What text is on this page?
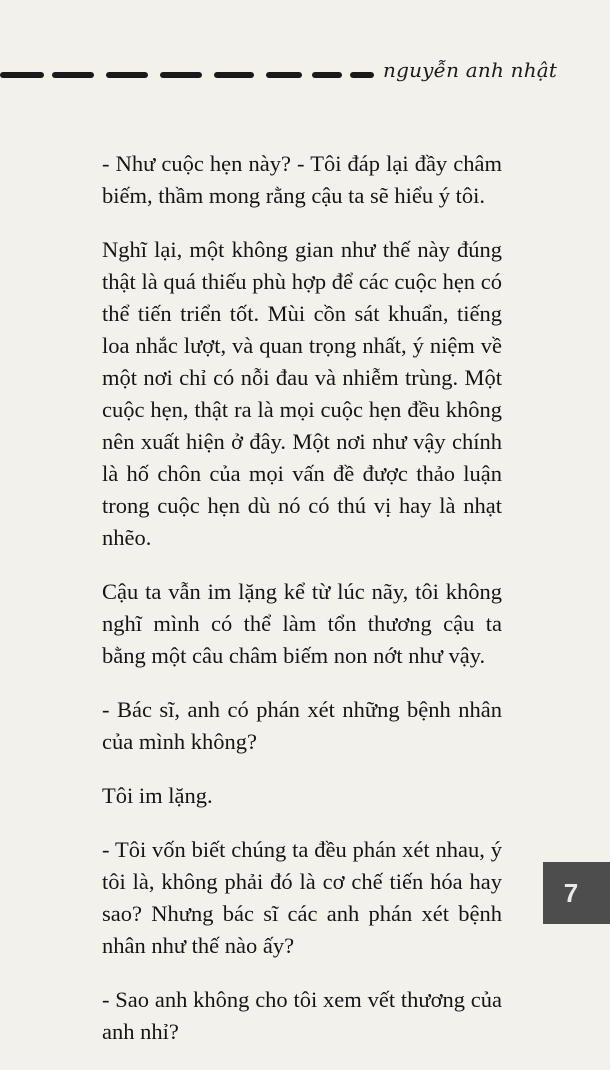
nguyễn anh nhật

- Như cuộc hẹn này? - Tôi đáp lại đầy châm biếm, thầm mong rằng cậu ta sẽ hiểu ý tôi.

Nghĩ lại, một không gian như thế này đúng thật là quá thiếu phù hợp để các cuộc hẹn có thể tiến triển tốt. Mùi cồn sát khuẩn, tiếng loa nhắc lượt, và quan trọng nhất, ý niệm về một nơi chỉ có nỗi đau và nhiễm trùng. Một cuộc hẹn, thật ra là mọi cuộc hẹn đều không nên xuất hiện ở đây. Một nơi như vậy chính là hố chôn của mọi vấn đề được thảo luận trong cuộc hẹn dù nó có thú vị hay là nhạt nhẽo.

Cậu ta vẫn im lặng kể từ lúc nãy, tôi không nghĩ mình có thể làm tổn thương cậu ta bằng một câu châm biếm non nớt như vậy.

- Bác sĩ, anh có phán xét những bệnh nhân của mình không?

Tôi im lặng.

- Tôi vốn biết chúng ta đều phán xét nhau, ý tôi là, không phải đó là cơ chế tiến hóa hay sao? Nhưng bác sĩ các anh phán xét bệnh nhân như thế nào ấy?

- Sao anh không cho tôi xem vết thương của anh nhỉ?

7
